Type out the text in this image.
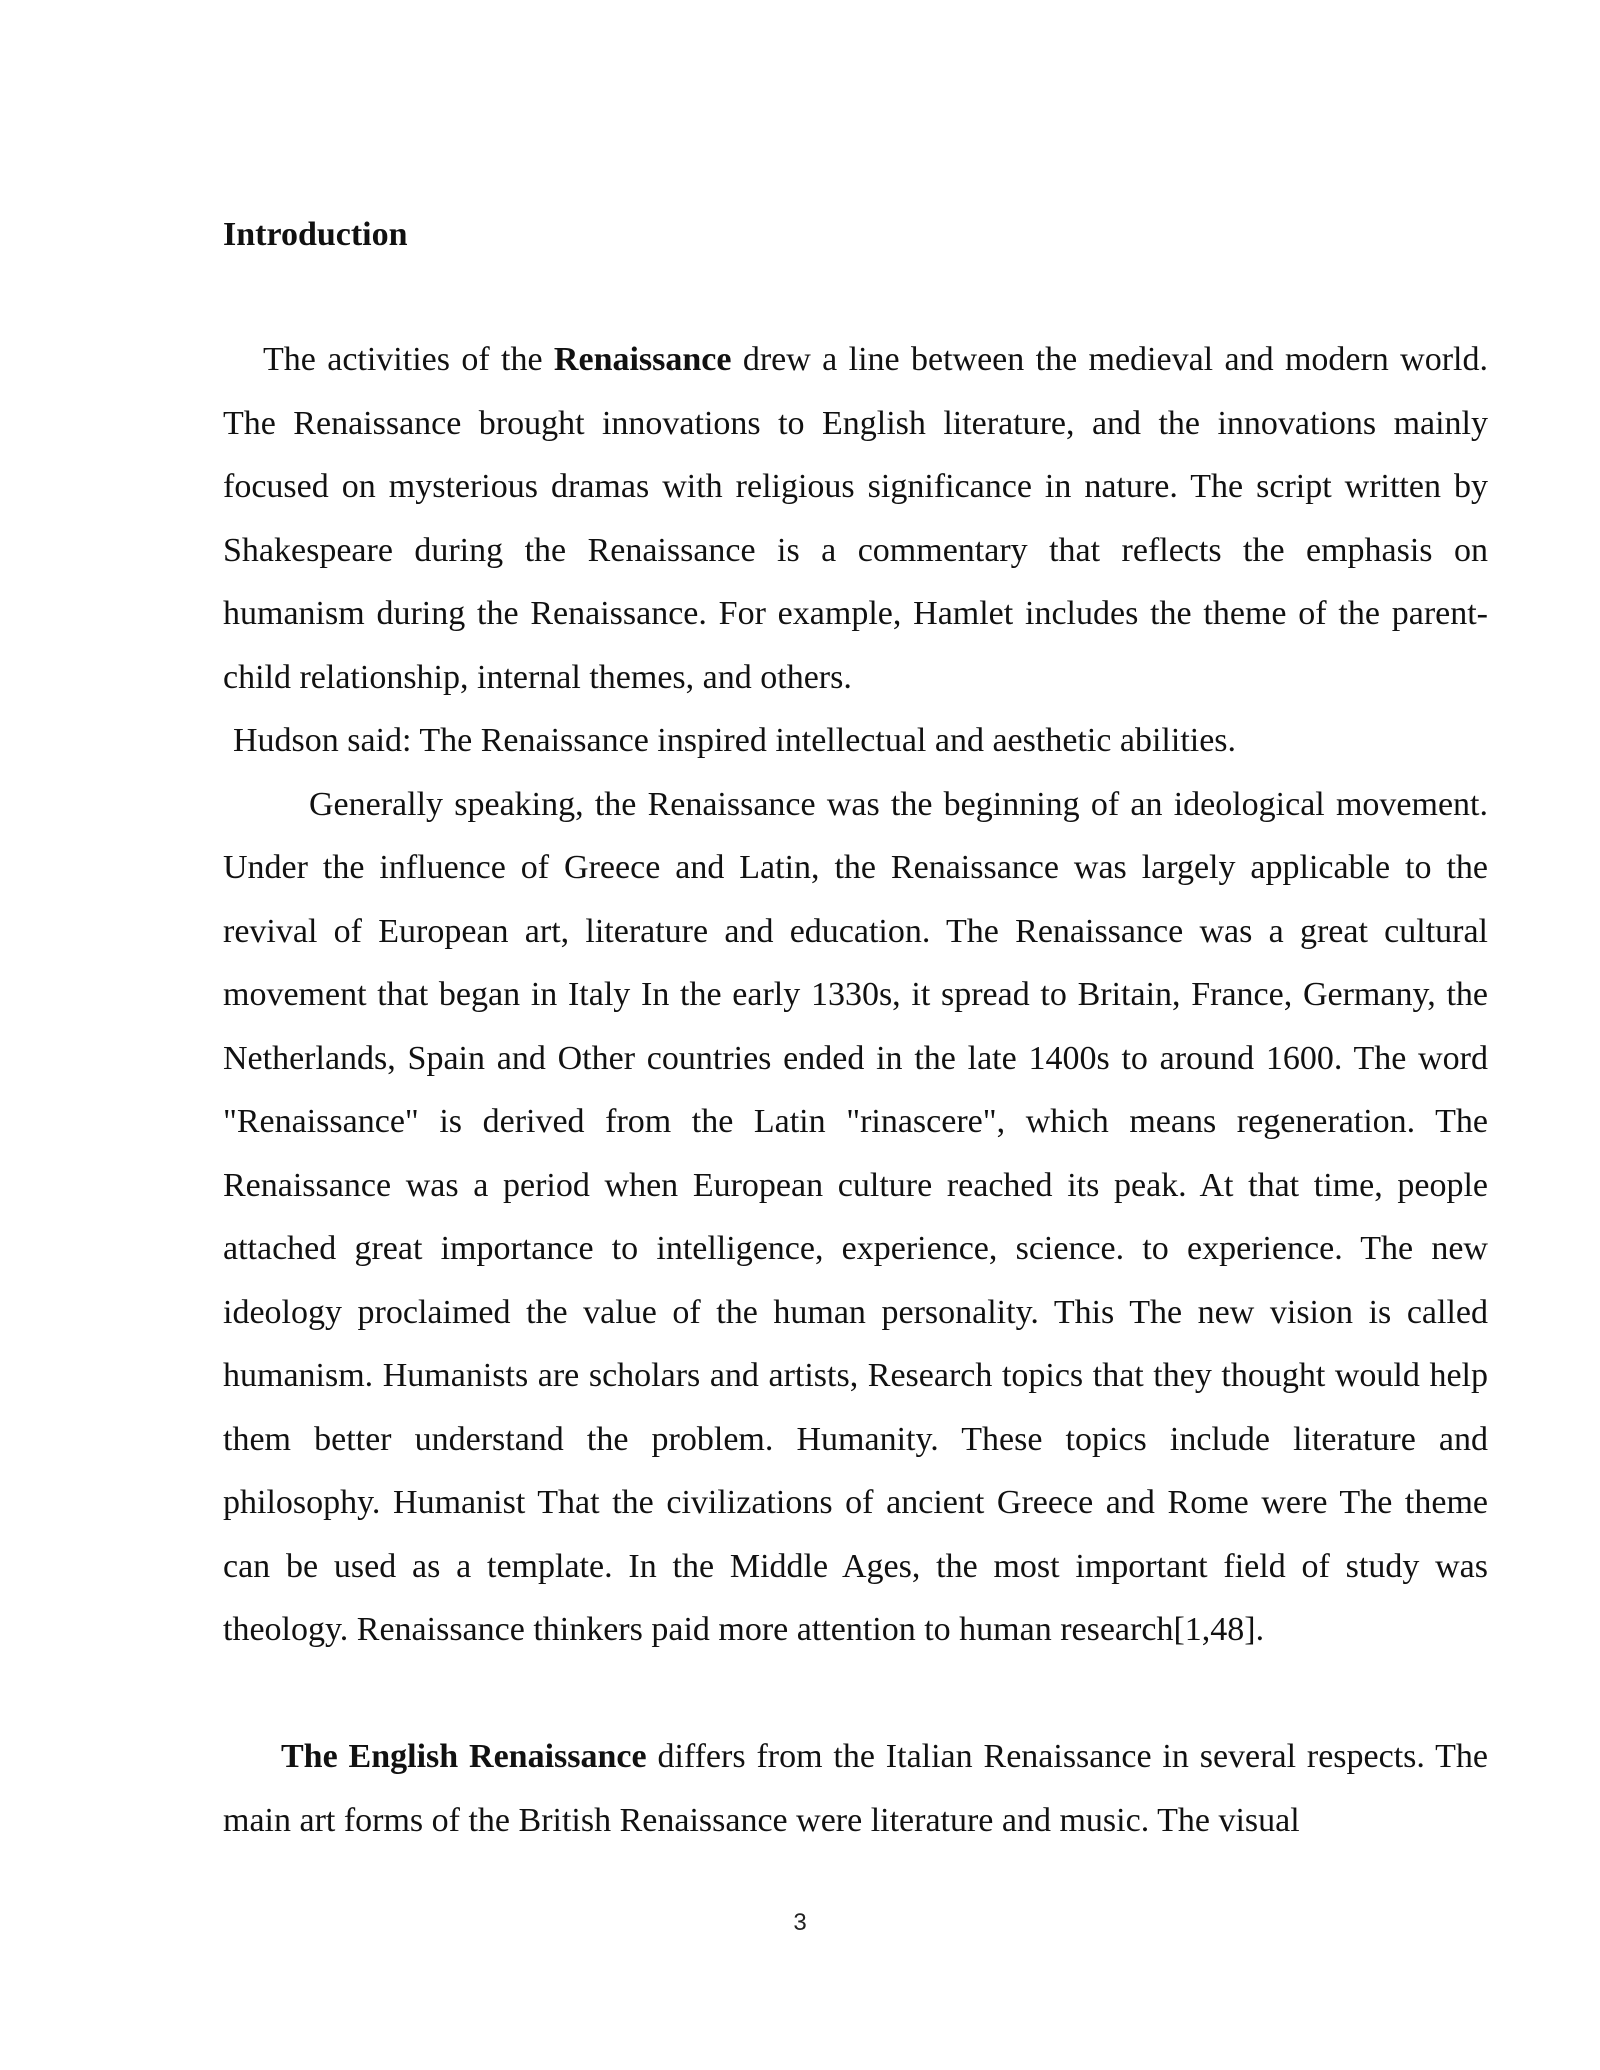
Introduction

The activities of the Renaissance drew a line between the medieval and modern world. The Renaissance brought innovations to English literature, and the innovations mainly focused on mysterious dramas with religious significance in nature. The script written by Shakespeare during the Renaissance is a commentary that reflects the emphasis on humanism during the Renaissance. For example, Hamlet includes the theme of the parent-child relationship, internal themes, and others.

Hudson said: The Renaissance inspired intellectual and aesthetic abilities.

Generally speaking, the Renaissance was the beginning of an ideological movement. Under the influence of Greece and Latin, the Renaissance was largely applicable to the revival of European art, literature and education. The Renaissance was a great cultural movement that began in Italy In the early 1330s, it spread to Britain, France, Germany, the Netherlands, Spain and Other countries ended in the late 1400s to around 1600. The word "Renaissance" is derived from the Latin "rinascere", which means regeneration. The Renaissance was a period when European culture reached its peak. At that time, people attached great importance to intelligence, experience, science. to experience. The new ideology proclaimed the value of the human personality. This The new vision is called humanism. Humanists are scholars and artists, Research topics that they thought would help them better understand the problem. Humanity. These topics include literature and philosophy. Humanist That the civilizations of ancient Greece and Rome were The theme can be used as a template. In the Middle Ages, the most important field of study was theology. Renaissance thinkers paid more attention to human research[1,48].

The English Renaissance differs from the Italian Renaissance in several respects. The main art forms of the British Renaissance were literature and music. The visual

3
